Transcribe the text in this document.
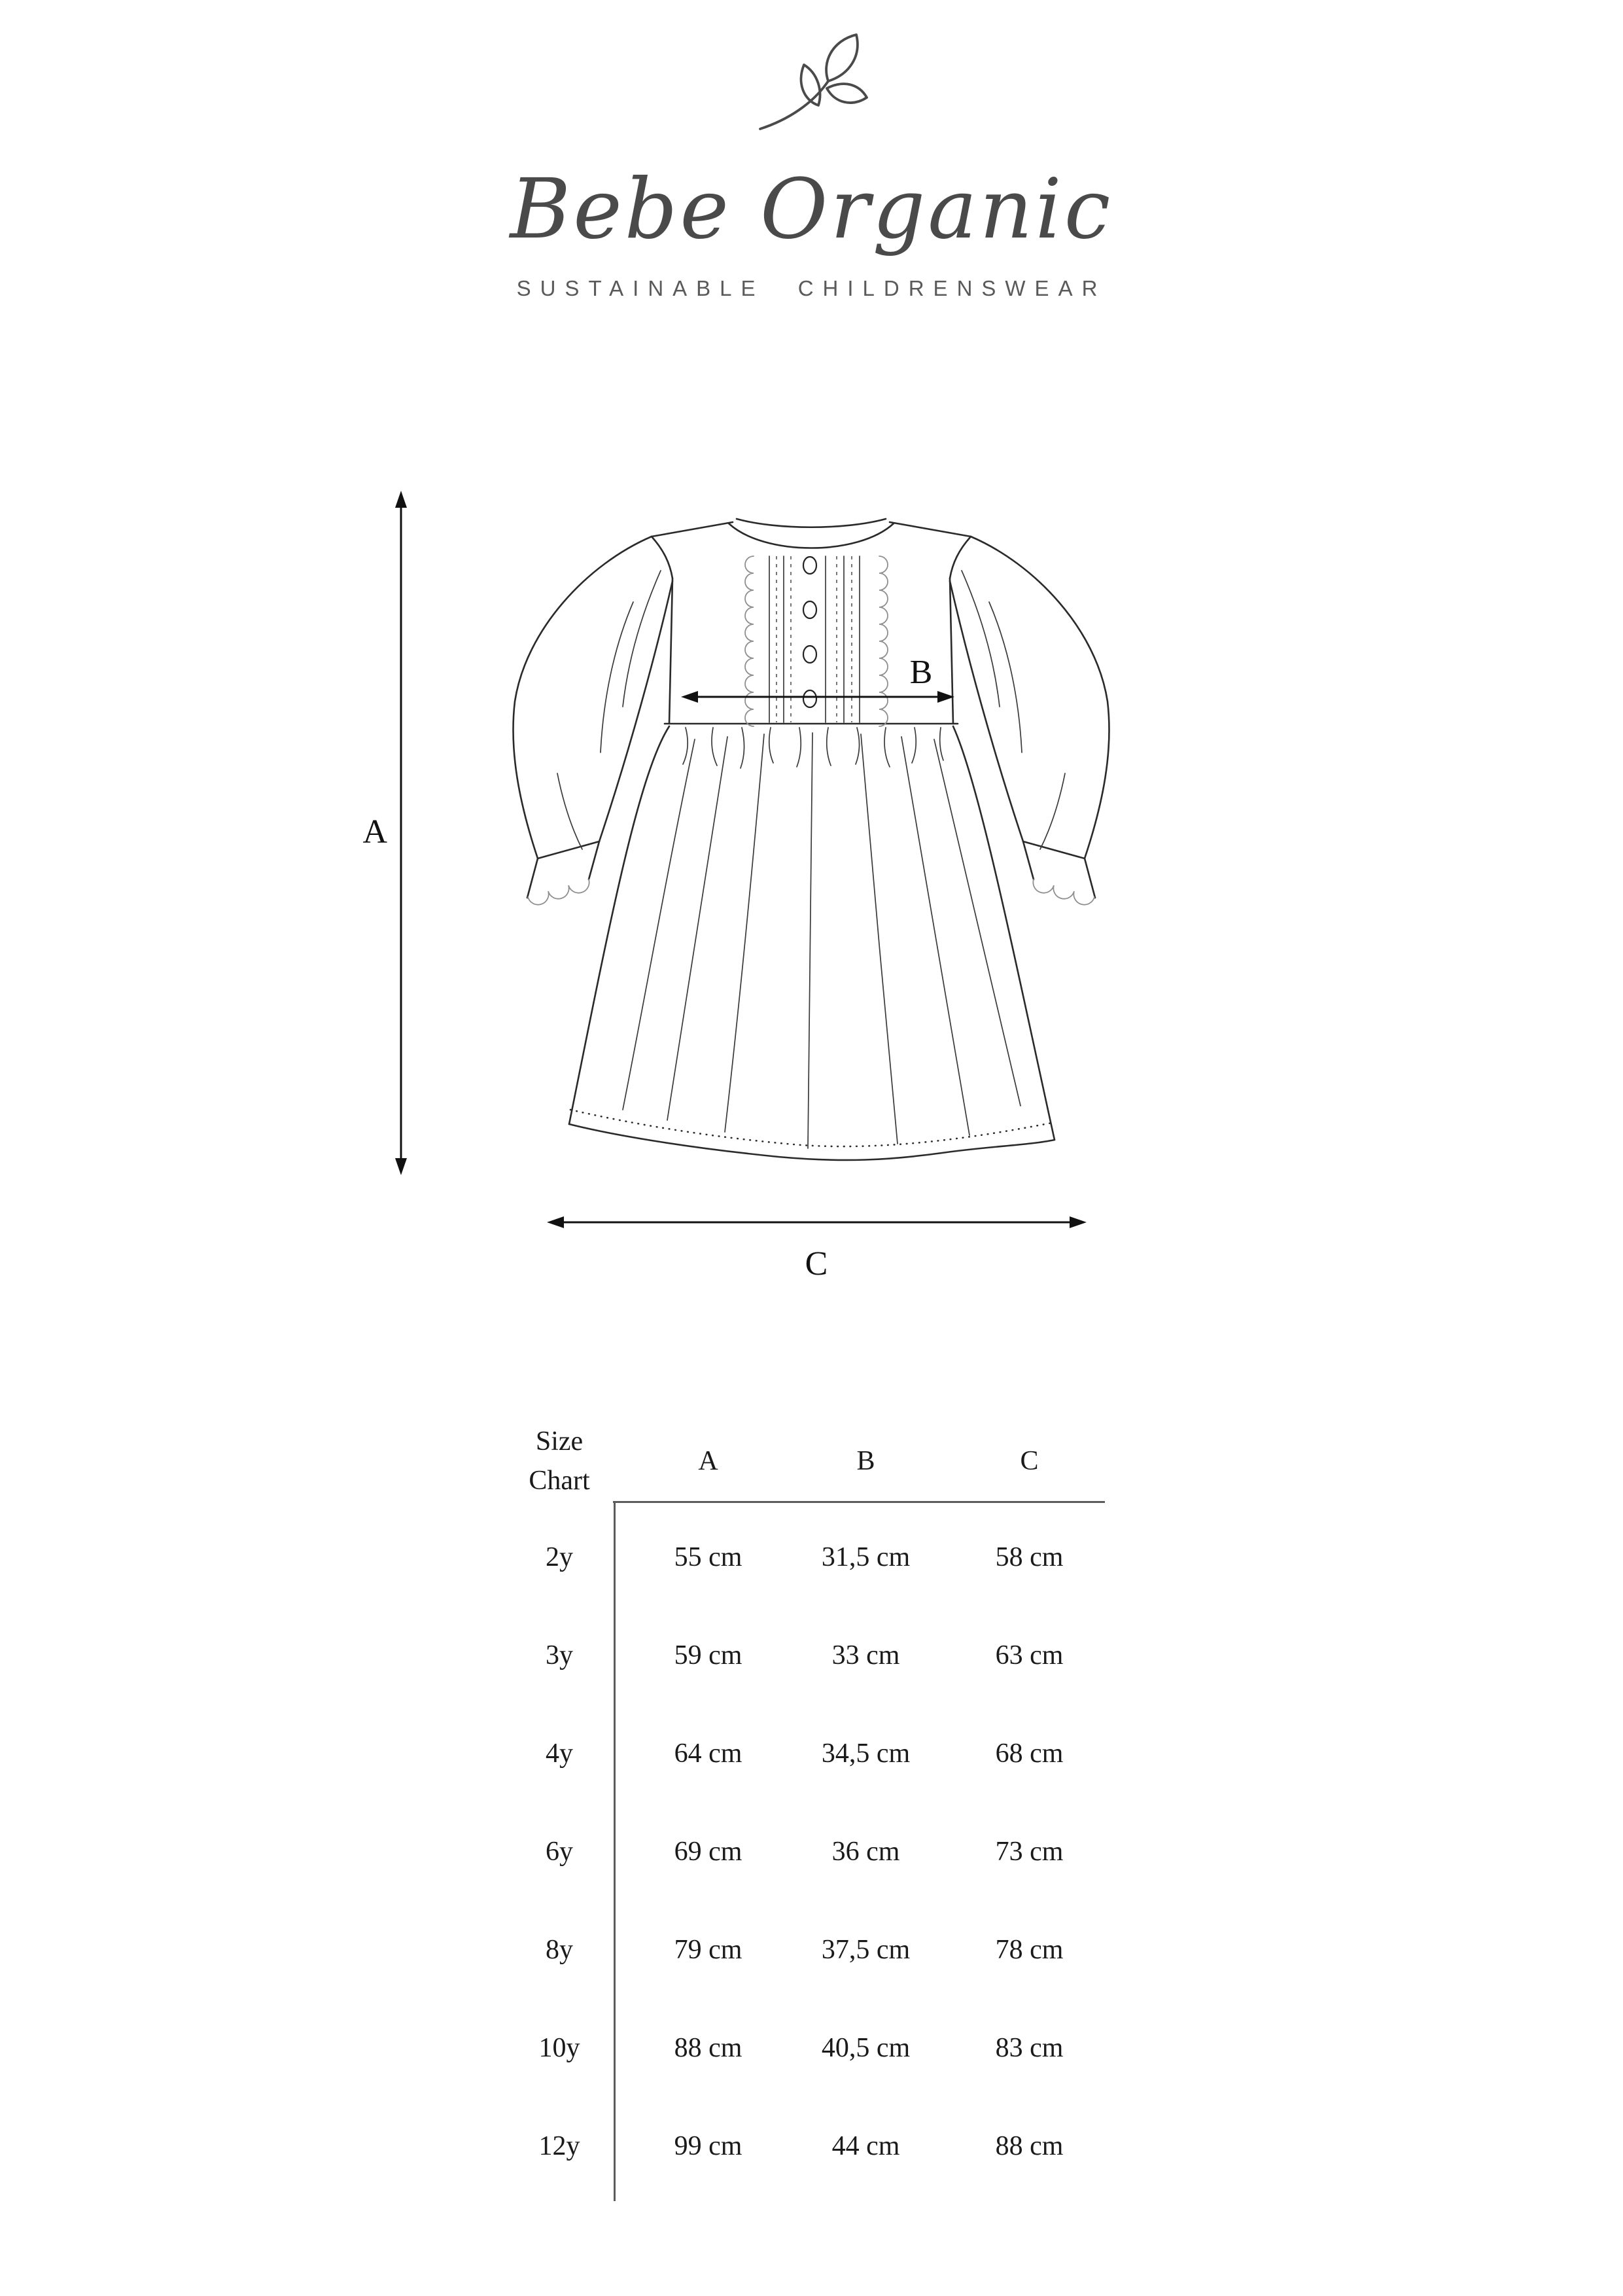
Bebe Organic
SUSTAINABLE CHILDRENSWEAR
A
B
C
Size Chart
A	B	C
2y	55 cm	31,5 cm	58 cm
3y	59 cm	33 cm	63 cm
4y	64 cm	34,5 cm	68 cm
6y	69 cm	36 cm	73 cm
8y	79 cm	37,5 cm	78 cm
10y	88 cm	40,5 cm	83 cm
12y	99 cm	44 cm	88 cm
